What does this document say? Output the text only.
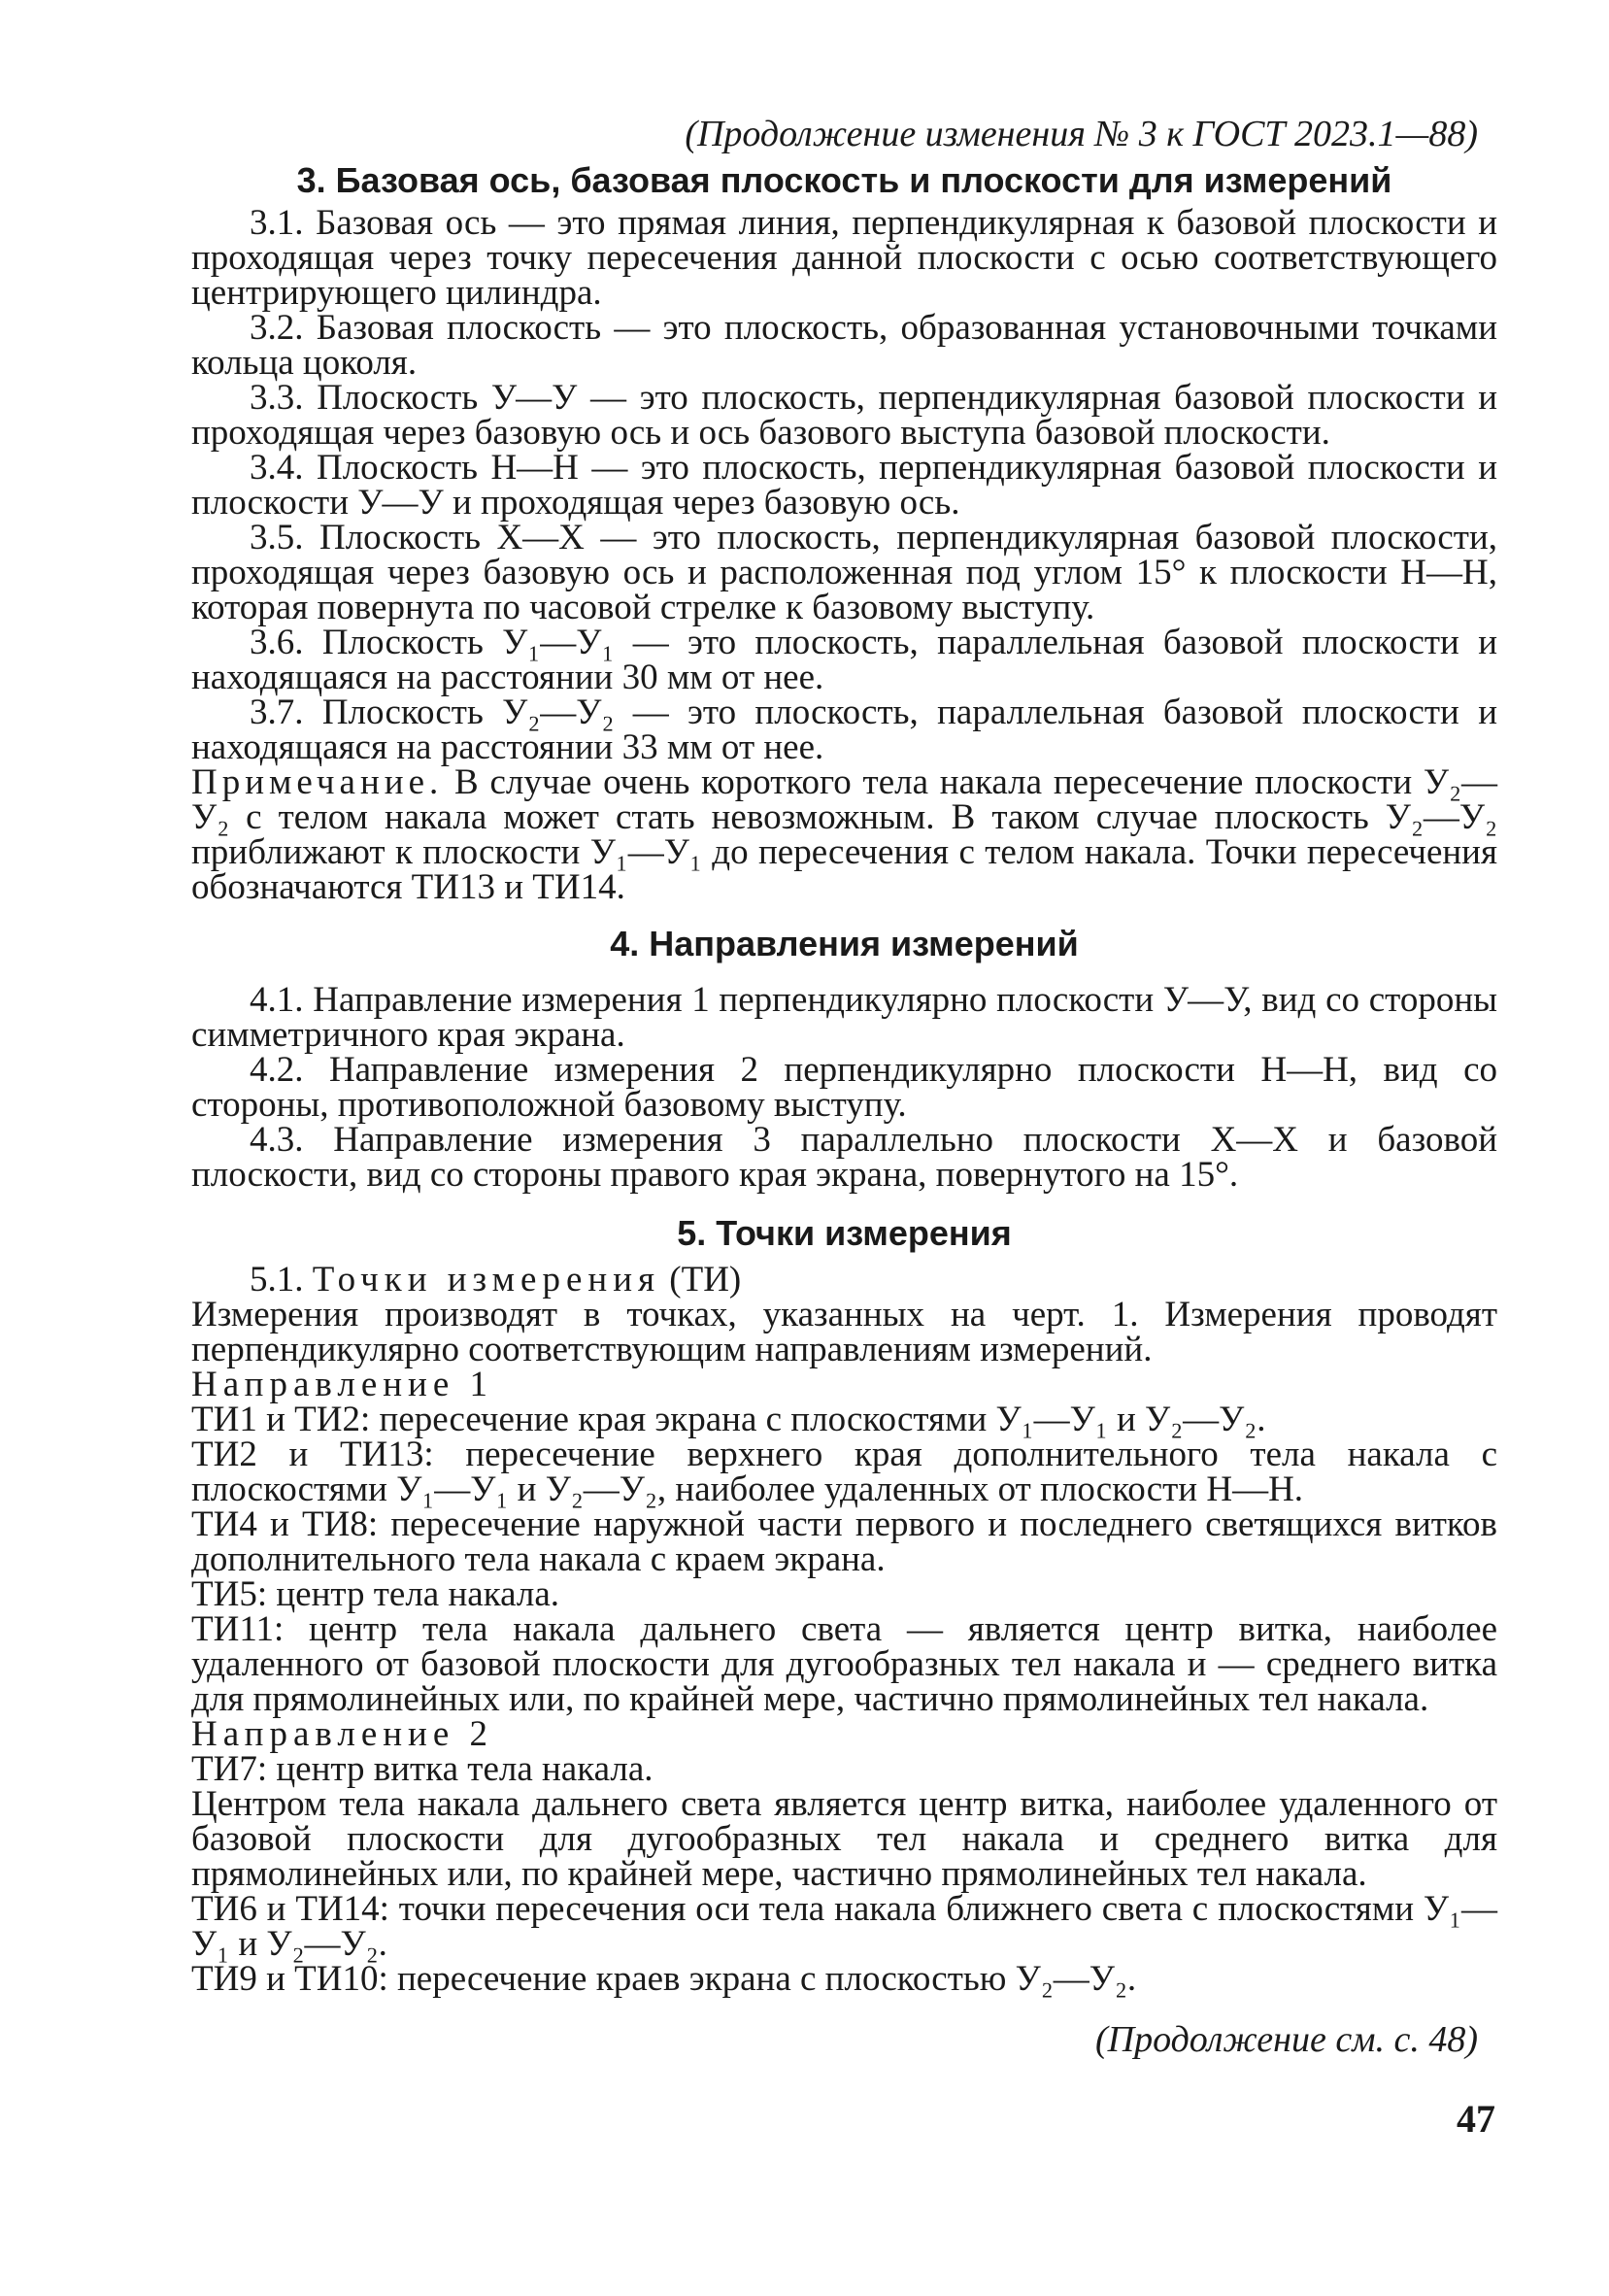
(Продолжение изменения № 3 к ГОСТ 2023.1—88)
3. Базовая ось, базовая плоскость и плоскости для измерений

3.1. Базовая ось — это прямая линия, перпендикулярная к базовой плоскости и проходящая через точку пересечения данной плоскости с осью соответствующего центрирующего цилиндра.

3.2. Базовая плоскость — это плоскость, образованная установочными точками кольца цоколя.

3.3. Плоскость У—У — это плоскость, перпендикулярная базовой плоскости и проходящая через базовую ось и ось базового выступа базовой плоскости.

3.4. Плоскость Н—Н — это плоскость, перпендикулярная базовой плоскости и плоскости У—У и проходящая через базовую ось.

3.5. Плоскость Х—Х — это плоскость, перпендикулярная базовой плоскости, проходящая через базовую ось и расположенная под углом 15° к плоскости Н—Н, которая повернута по часовой стрелке к базовому выступу.

3.6. Плоскость У₁—У₁ — это плоскость, параллельная базовой плоскости и находящаяся на расстоянии 30 мм от нее.

3.7. Плоскость У₂—У₂ — это плоскость, параллельная базовой плоскости и находящаяся на расстоянии 33 мм от нее.

Примечание. В случае очень короткого тела накала пересечение плоскости У₂—У₂ с телом накала может стать невозможным. В таком случае плоскость У₂—У₂ приближают к плоскости У₁—У₁ до пересечения с телом накала. Точки пересечения обозначаются ТИ13 и ТИ14.

4. Направления измерений

4.1. Направление измерения 1 перпендикулярно плоскости У—У, вид со стороны симметричного края экрана.

4.2. Направление измерения 2 перпендикулярно плоскости Н—Н, вид со стороны, противоположной базовому выступу.

4.3. Направление измерения 3 параллельно плоскости Х—Х и базовой плоскости, вид со стороны правого края экрана, повернутого на 15°.

5. Точки измерения

5.1. Точки измерения (ТИ)

Измерения производят в точках, указанных на черт. 1. Измерения проводят перпендикулярно соответствующим направлениям измерений.

Направление 1

ТИ1 и ТИ2: пересечение края экрана с плоскостями У₁—У₁ и У₂—У₂.

ТИ2 и ТИ13: пересечение верхнего края дополнительного тела накала с плоскостями У₁—У₁ и У₂—У₂, наиболее удаленных от плоскости Н—Н.

ТИ4 и ТИ8: пересечение наружной части первого и последнего светящихся витков дополнительного тела накала с краем экрана.

ТИ5: центр тела накала.

ТИ11: центр тела накала дальнего света — является центр витка, наиболее удаленного от базовой плоскости для дугообразных тел накала и — среднего витка для прямолинейных или, по крайней мере, частично прямолинейных тел накала.

Направление 2

ТИ7: центр витка тела накала.

Центром тела накала дальнего света является центр витка, наиболее удаленного от базовой плоскости для дугообразных тел накала и среднего витка для прямолинейных или, по крайней мере, частично прямолинейных тел накала.

ТИ6 и ТИ14: точки пересечения оси тела накала ближнего света с плоскостями У₁—У₁ и У₂—У₂.

ТИ9 и ТИ10: пересечение краев экрана с плоскостью У₂—У₂.

(Продолжение см. с. 48)
47
